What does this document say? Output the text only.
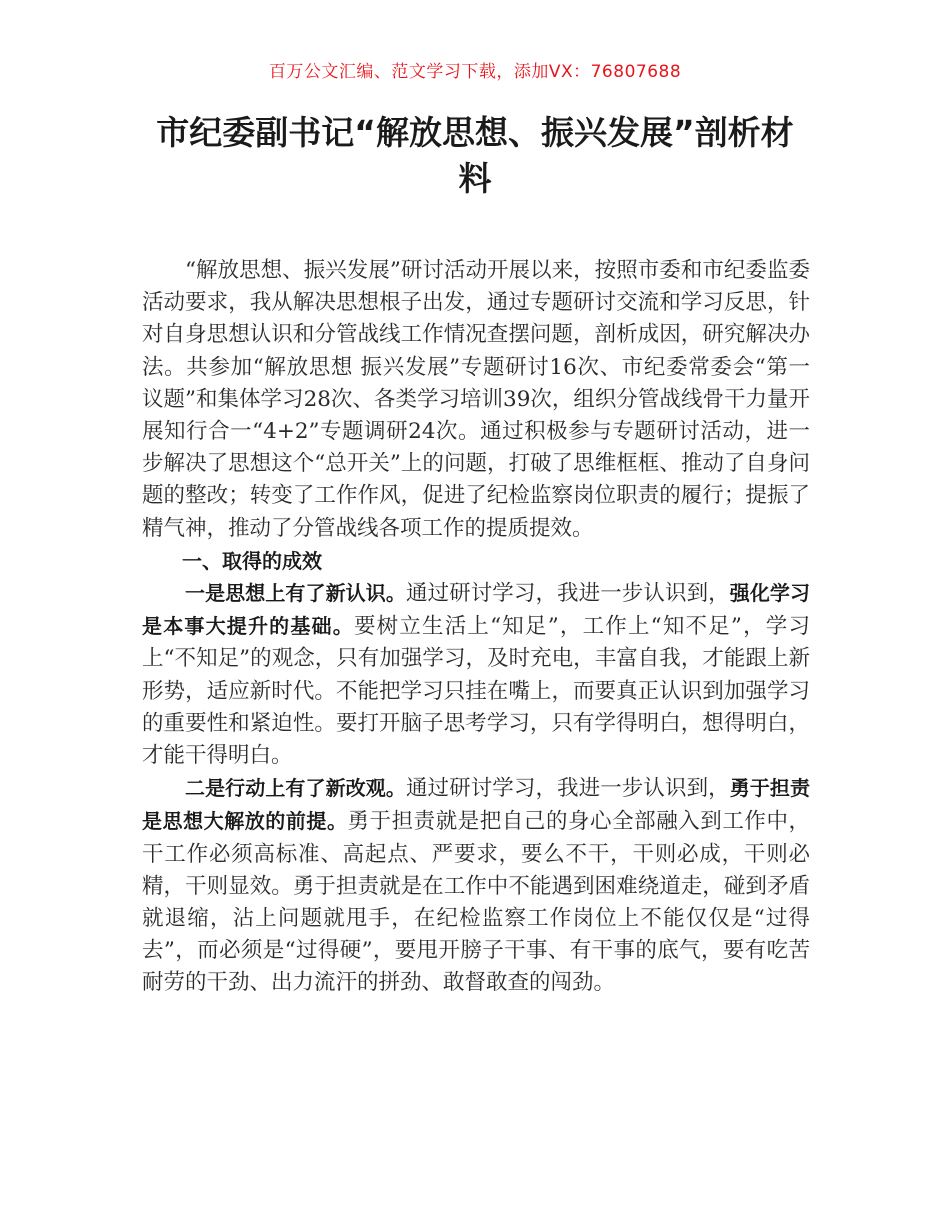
百万公文汇编、范文学习下载，添加VX：76807688
市纪委副书记“解放思想、振兴发展”剖析材料

“解放思想、振兴发展”研讨活动开展以来，按照市委和市纪委监委活动要求，我从解决思想根子出发，通过专题研讨交流和学习反思，针对自身思想认识和分管战线工作情况查摆问题，剖析成因，研究解决办法。共参加“解放思想 振兴发展”专题研讨16次、市纪委常委会“第一议题”和集体学习28次、各类学习培训39次，组织分管战线骨干力量开展知行合一“4+2”专题调研24次。通过积极参与专题研讨活动，进一步解决了思想这个“总开关”上的问题，打破了思维框框、推动了自身问题的整改；转变了工作作风，促进了纪检监察岗位职责的履行；提振了精气神，推动了分管战线各项工作的提质提效。

一、取得的成效

一是思想上有了新认识。通过研讨学习，我进一步认识到，强化学习是本事大提升的基础。要树立生活上“知足”，工作上“知不足”，学习上“不知足”的观念，只有加强学习，及时充电，丰富自我，才能跟上新形势，适应新时代。不能把学习只挂在嘴上，而要真正认识到加强学习的重要性和紧迫性。要打开脑子思考学习，只有学得明白，想得明白，才能干得明白。

二是行动上有了新改观。通过研讨学习，我进一步认识到，勇于担责是思想大解放的前提。勇于担责就是把自己的身心全部融入到工作中，干工作必须高标准、高起点、严要求，要么不干，干则必成，干则必精，干则显效。勇于担责就是在工作中不能遇到困难绕道走，碰到矛盾就退缩，沾上问题就甩手，在纪检监察工作岗位上不能仅仅是“过得去”，而必须是“过得硬”，要甩开膀子干事、有干事的底气，要有吃苦耐劳的干劲、出力流汗的拼劲、敢督敢查的闯劲。
